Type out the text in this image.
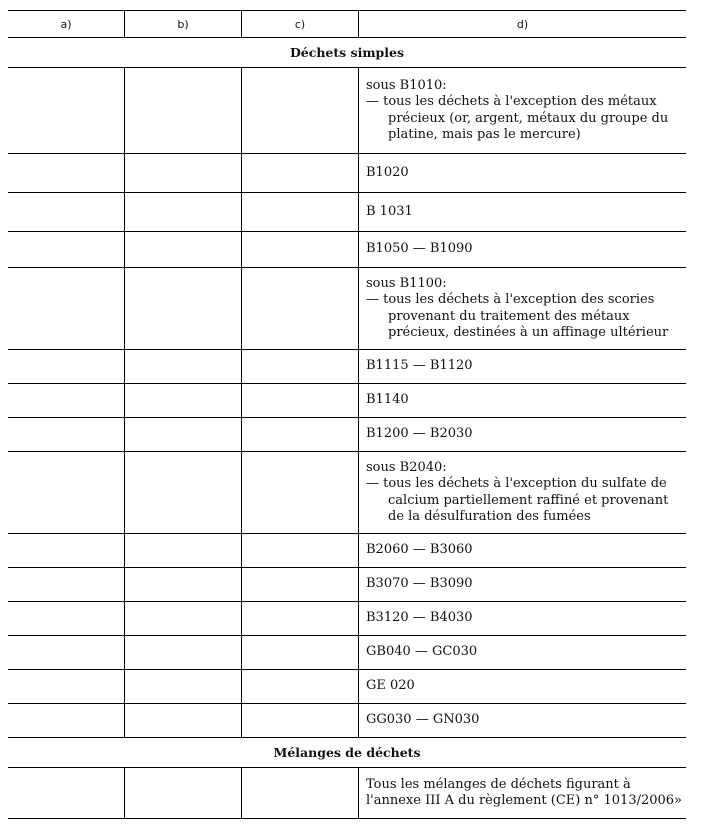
a)	b)	c)	d)
Déchets simples
sous B1010:
— tous les déchets à l'exception des métaux précieux (or, argent, métaux du groupe du platine, mais pas le mercure)
B1020
B 1031
B1050 — B1090
sous B1100:
— tous les déchets à l'exception des scories provenant du traitement des métaux précieux, destinées à un affinage ultérieur
B1115 — B1120
B1140
B1200 — B2030
sous B2040:
— tous les déchets à l'exception du sulfate de calcium partiellement raffiné et provenant de la désulfuration des fumées
B2060 — B3060
B3070 — B3090
B3120 — B4030
GB040 — GC030
GE 020
GG030 — GN030
Mélanges de déchets
Tous les mélanges de déchets figurant à l'annexe III A du règlement (CE) n° 1013/2006»
